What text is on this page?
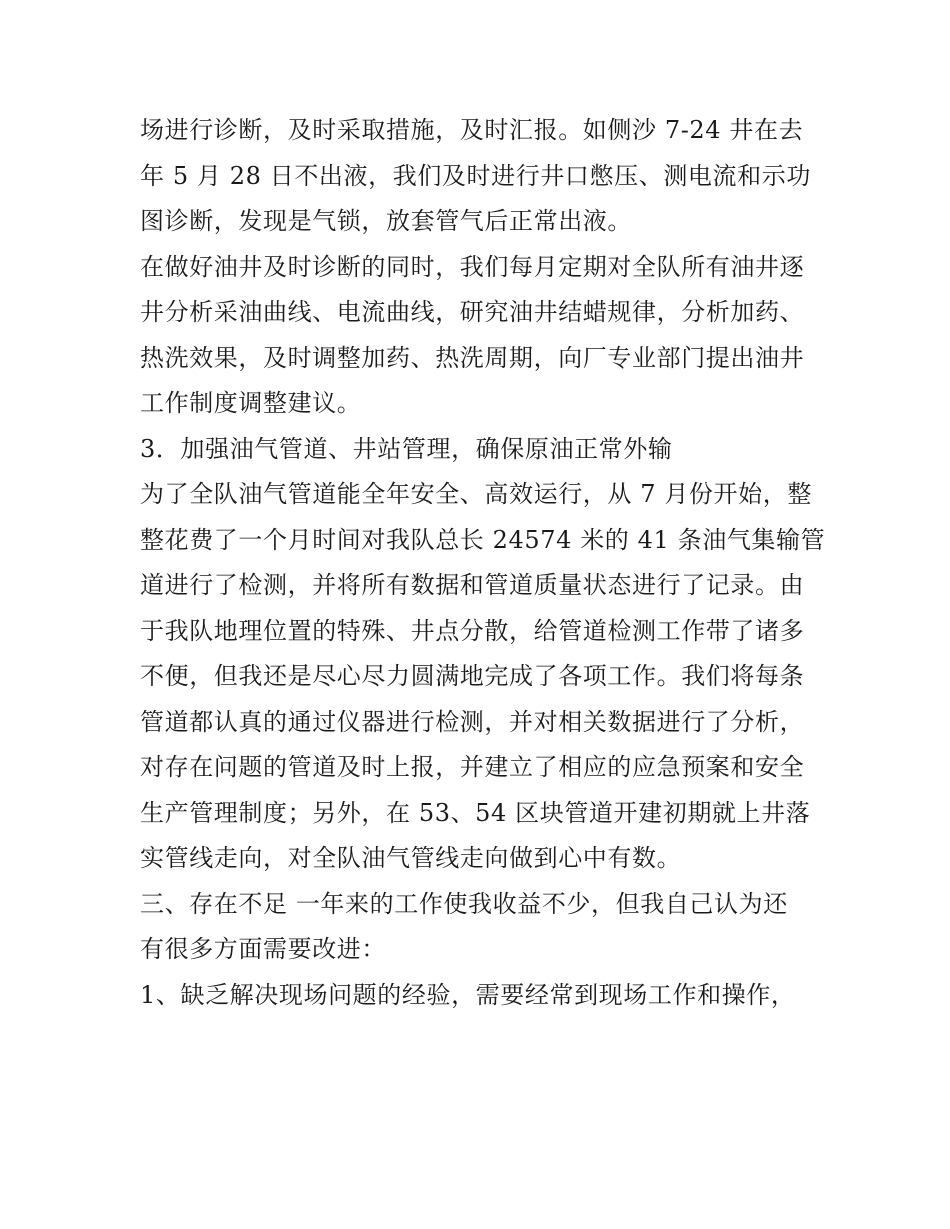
场进行诊断，及时采取措施，及时汇报。如侧沙 7-24 井在去

年 5 月 28 日不出液，我们及时进行井口憋压、测电流和示功

图诊断，发现是气锁，放套管气后正常出液。

在做好油井及时诊断的同时，我们每月定期对全队所有油井逐

井分析采油曲线、电流曲线，研究油井结蜡规律，分析加药、

热洗效果，及时调整加药、热洗周期，向厂专业部门提出油井

工作制度调整建议。

3．加强油气管道、井站管理，确保原油正常外输

为了全队油气管道能全年安全、高效运行，从 7 月份开始，整

整花费了一个月时间对我队总长 24574 米的 41 条油气集输管

道进行了检测，并将所有数据和管道质量状态进行了记录。由

于我队地理位置的特殊、井点分散，给管道检测工作带了诸多

不便，但我还是尽心尽力圆满地完成了各项工作。我们将每条

管道都认真的通过仪器进行检测，并对相关数据进行了分析，

对存在问题的管道及时上报，并建立了相应的应急预案和安全

生产管理制度；另外，在 53、54 区块管道开建初期就上井落

实管线走向，对全队油气管线走向做到心中有数。

三、存在不足 一年来的工作使我收益不少，但我自己认为还

有很多方面需要改进：

1、缺乏解决现场问题的经验，需要经常到现场工作和操作，
